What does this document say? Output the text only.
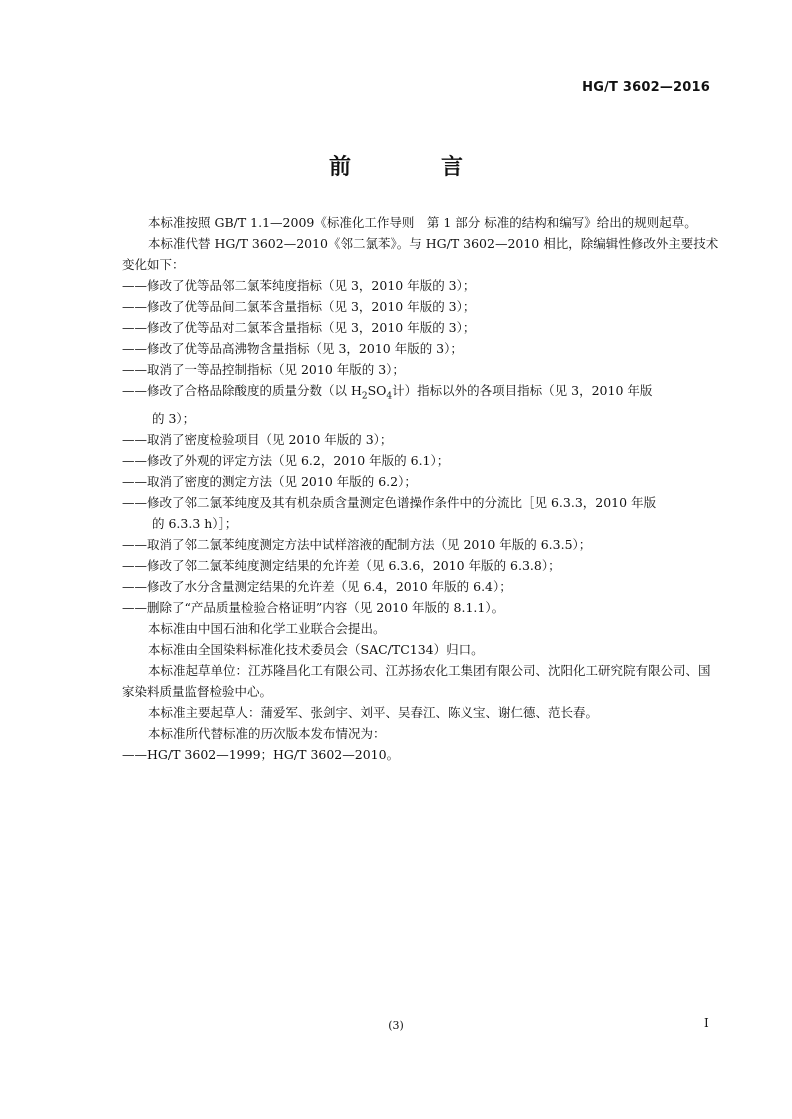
HG/T 3602—2016
前　言

本标准按照 GB/T 1.1—2009《标准化工作导则　第 1 部分 标准的结构和编写》给出的规则起草。

本标准代替 HG/T 3602—2010《邻二氯苯》。与 HG/T 3602—2010 相比，除编辑性修改外主要技术变化如下：

——修改了优等品邻二氯苯纯度指标（见 3，2010 年版的 3）；

——修改了优等品间二氯苯含量指标（见 3，2010 年版的 3）；

——修改了优等品对二氯苯含量指标（见 3，2010 年版的 3）；

——修改了优等品高沸物含量指标（见 3，2010 年版的 3）；

——取消了一等品控制指标（见 2010 年版的 3）；

——修改了合格品除酸度的质量分数（以 $H_2SO_4$计）指标以外的各项目指标（见 3，2010 年版
的 3）；

——取消了密度检验项目（见 2010 年版的 3）；

——修改了外观的评定方法（见 6.2，2010 年版的 6.1）；

——取消了密度的测定方法（见 2010 年版的 6.2）；

——修改了邻二氯苯纯度及其有机杂质含量测定色谱操作条件中的分流比［见 6.3.3，2010 年版
的 6.3.3 h）］；

——取消了邻二氯苯纯度测定方法中试样溶液的配制方法（见 2010 年版的 6.3.5）；

——修改了邻二氯苯纯度测定结果的允许差（见 6.3.6，2010 年版的 6.3.8）；

——修改了水分含量测定结果的允许差（见 6.4，2010 年版的 6.4）；

——删除了“产品质量检验合格证明”内容（见 2010 年版的 8.1.1）。

本标准由中国石油和化学工业联合会提出。

本标准由全国染料标准化技术委员会（SAC/TC134）归口。

本标准起草单位：江苏隆昌化工有限公司、江苏扬农化工集团有限公司、沈阳化工研究院有限公司、国家染料质量监督检验中心。

本标准主要起草人：蒲爱军、张剑宇、刘平、吴春江、陈义宝、谢仁德、范长春。

本标准所代替标准的历次版本发布情况为：

——HG/T 3602—1999；HG/T 3602—2010。

(3)	Ⅰ
